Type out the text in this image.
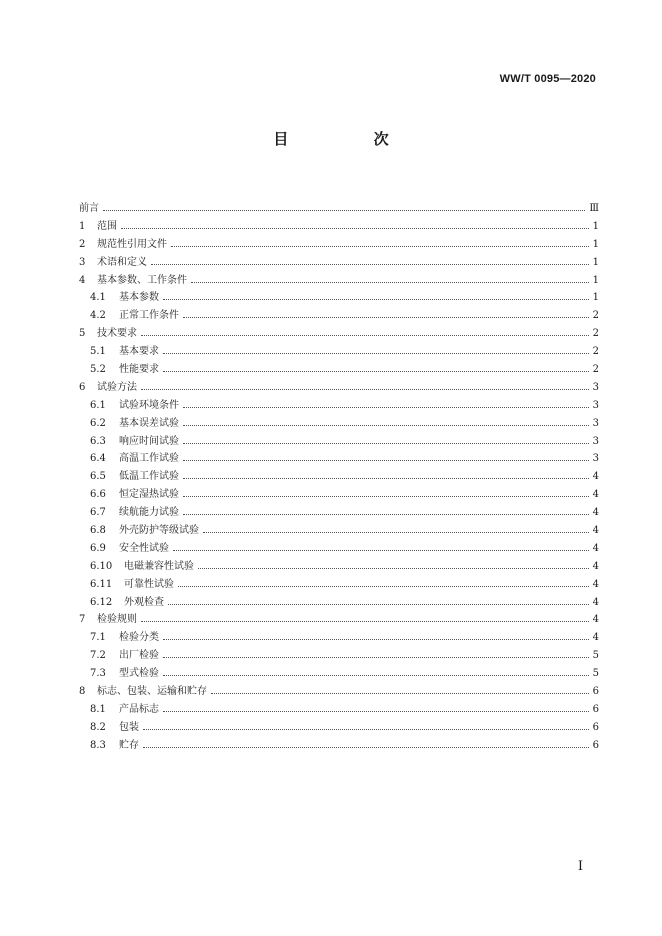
WW/T 0095—2020
目 次
前言	Ⅲ
1	范围	1
2	规范性引用文件	1
3	术语和定义	1
4	基本参数、工作条件	1
4.1	基本参数	1
4.2	正常工作条件	2
5	技术要求	2
5.1	基本要求	2
5.2	性能要求	2
6	试验方法	3
6.1	试验环境条件	3
6.2	基本误差试验	3
6.3	响应时间试验	3
6.4	高温工作试验	3
6.5	低温工作试验	4
6.6	恒定湿热试验	4
6.7	续航能力试验	4
6.8	外壳防护等级试验	4
6.9	安全性试验	4
6.10	电磁兼容性试验	4
6.11	可靠性试验	4
6.12	外观检查	4
7	检验规则	4
7.1	检验分类	4
7.2	出厂检验	5
7.3	型式检验	5
8	标志、包装、运输和贮存	6
8.1	产品标志	6
8.2	包装	6
8.3	贮存	6
I
